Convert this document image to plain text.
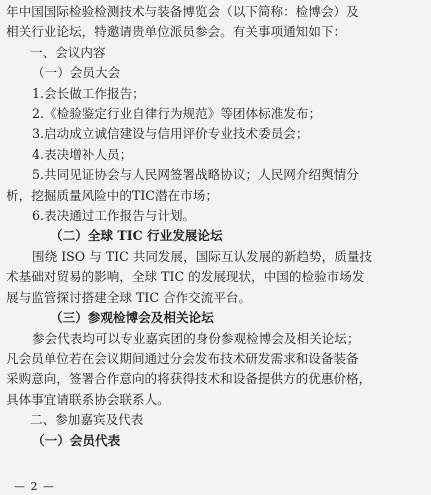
年中国国际检验检测技术与装备博览会（以下简称：检博会）及

相关行业论坛，特邀请贵单位派员参会。有关事项通知如下：

一、会议内容

（一）会员大会

1.会长做工作报告；

2.《检验鉴定行业自律行为规范》等团体标准发布；

3.启动成立诚信建设与信用评价专业技术委员会；

4.表决增补人员；

5.共同见证协会与人民网签署战略协议；人民网介绍舆情分

析，挖掘质量风险中的TIC潜在市场；

6.表决通过工作报告与计划。

（二）全球 TIC 行业发展论坛

围绕 ISO 与 TIC 共同发展，国际互认发展的新趋势，质量技

术基础对贸易的影响，全球 TIC 的发展现状，中国的检验市场发

展与监管探讨搭建全球 TIC 合作交流平台。

（三）参观检博会及相关论坛

参会代表均可以专业嘉宾团的身份参观检博会及相关论坛；

凡会员单位若在会议期间通过分会发布技术研发需求和设备装备

采购意向，签署合作意向的将获得技术和设备提供方的优惠价格，

具体事宜请联系协会联系人。

二、参加嘉宾及代表

（一）会员代表

— 2 —
